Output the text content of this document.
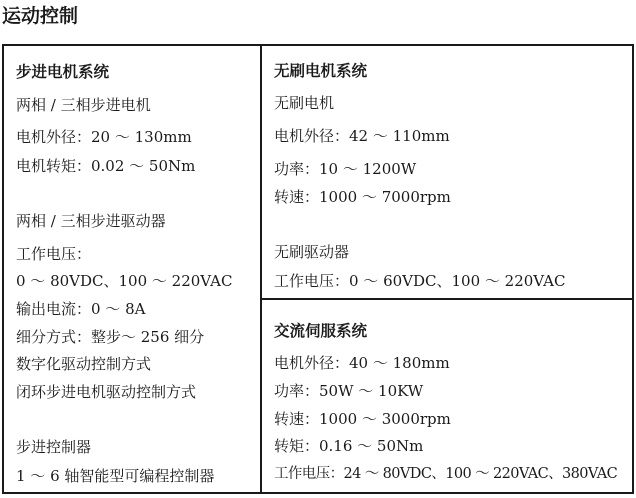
运动控制
步进电机系统
两相 / 三相步进电机
电机外径：20 ～ 130mm
电机转矩：0.02 ～ 50Nm
两相 / 三相步进驱动器
工作电压：
0 ～ 80VDC、100 ～ 220VAC
输出电流：0 ～ 8A
细分方式：整步～ 256 细分
数字化驱动控制方式
闭环步进电机驱动控制方式
步进控制器
1 ～ 6 轴智能型可编程控制器
无刷电机系统
无刷电机
电机外径：42 ～ 110mm
功率：10 ～ 1200W
转速：1000 ～ 7000rpm
无刷驱动器
工作电压：0 ～ 60VDC、100 ～ 220VAC
交流伺服系统
电机外径：40 ～ 180mm
功率：50W ～ 10KW
转速：1000 ～ 3000rpm
转矩：0.16 ～ 50Nm
工作电压：24 ～ 80VDC、100 ～ 220VAC、380VAC
